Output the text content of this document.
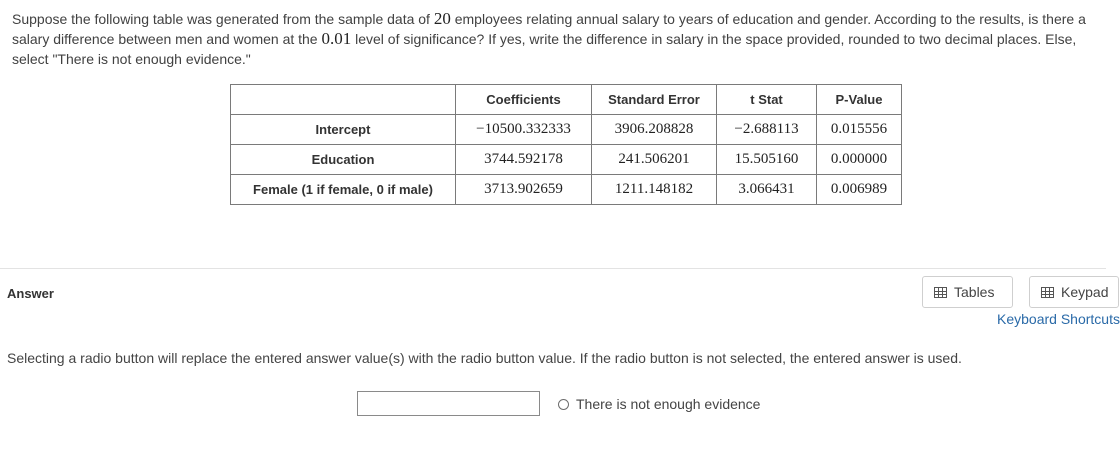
Suppose the following table was generated from the sample data of 20 employees relating annual salary to years of education and gender. According to the results, is there a salary difference between men and women at the 0.01 level of significance? If yes, write the difference in salary in the space provided, rounded to two decimal places. Else, select "There is not enough evidence."
	Coefficients	Standard Error	t Stat	P-Value
Intercept	−10500.332333	3906.208828	−2.688113	0.015556
Education	3744.592178	241.506201	15.505160	0.000000
Female (1 if female, 0 if male)	3713.902659	1211.148182	3.066431	0.006989
Answer	Tables	Keypad
Keyboard Shortcuts
Selecting a radio button will replace the entered answer value(s) with the radio button value. If the radio button is not selected, the entered answer is used.
There is not enough evidence
